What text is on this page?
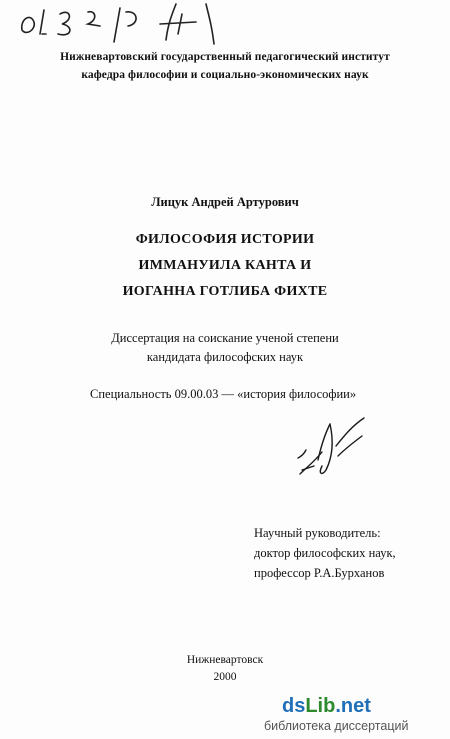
Нижневартовский государственный педагогический институт
кафедра философии и социально-экономических наук
Лицук Андрей Артурович
ФИЛОСОФИЯ ИСТОРИИ
ИММАНУИЛА КАНТА И
ИОГАННА ГОТЛИБА ФИХТЕ
Диссертация на соискание ученой степени
кандидата философских наук
Специальность 09.00.03 — «история философии»
Научный руководитель:
доктор философских наук,
профессор Р.А.Бурханов
Нижневартовск
2000
dsLib.net
библиотека диссертаций
